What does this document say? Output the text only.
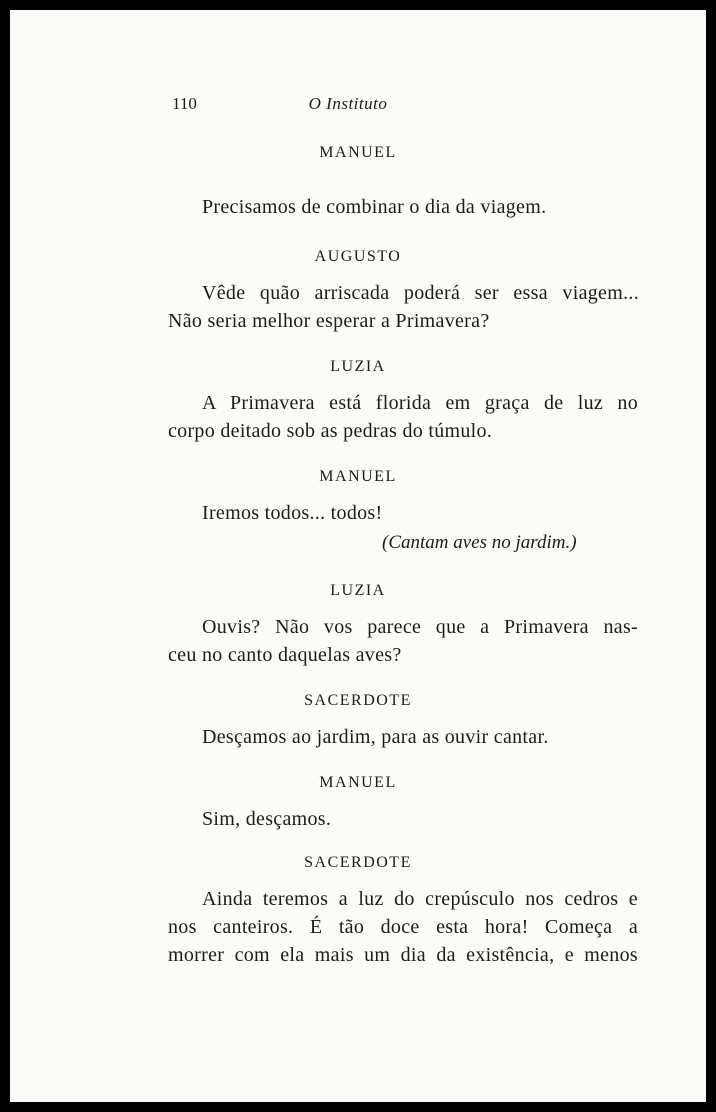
110	O Instituto
MANUEL
Precisamos de combinar o dia da viagem.
AUGUSTO
Vêde quão arriscada poderá ser essa viagem...
Não seria melhor esperar a Primavera?
LUZIA
A Primavera está florida em graça de luz no
corpo deitado sob as pedras do túmulo.
MANUEL
Iremos todos... todos!
(Cantam aves no jardim.)
LUZIA
Ouvis? Não vos parece que a Primavera nas-
ceu no canto daquelas aves?
SACERDOTE
Desçamos ao jardim, para as ouvir cantar.
MANUEL
Sim, desçamos.
SACERDOTE
Ainda teremos a luz do crepúsculo nos cedros e
nos canteiros. É tão doce esta hora! Começa a
morrer com ela mais um dia da existência, e menos
